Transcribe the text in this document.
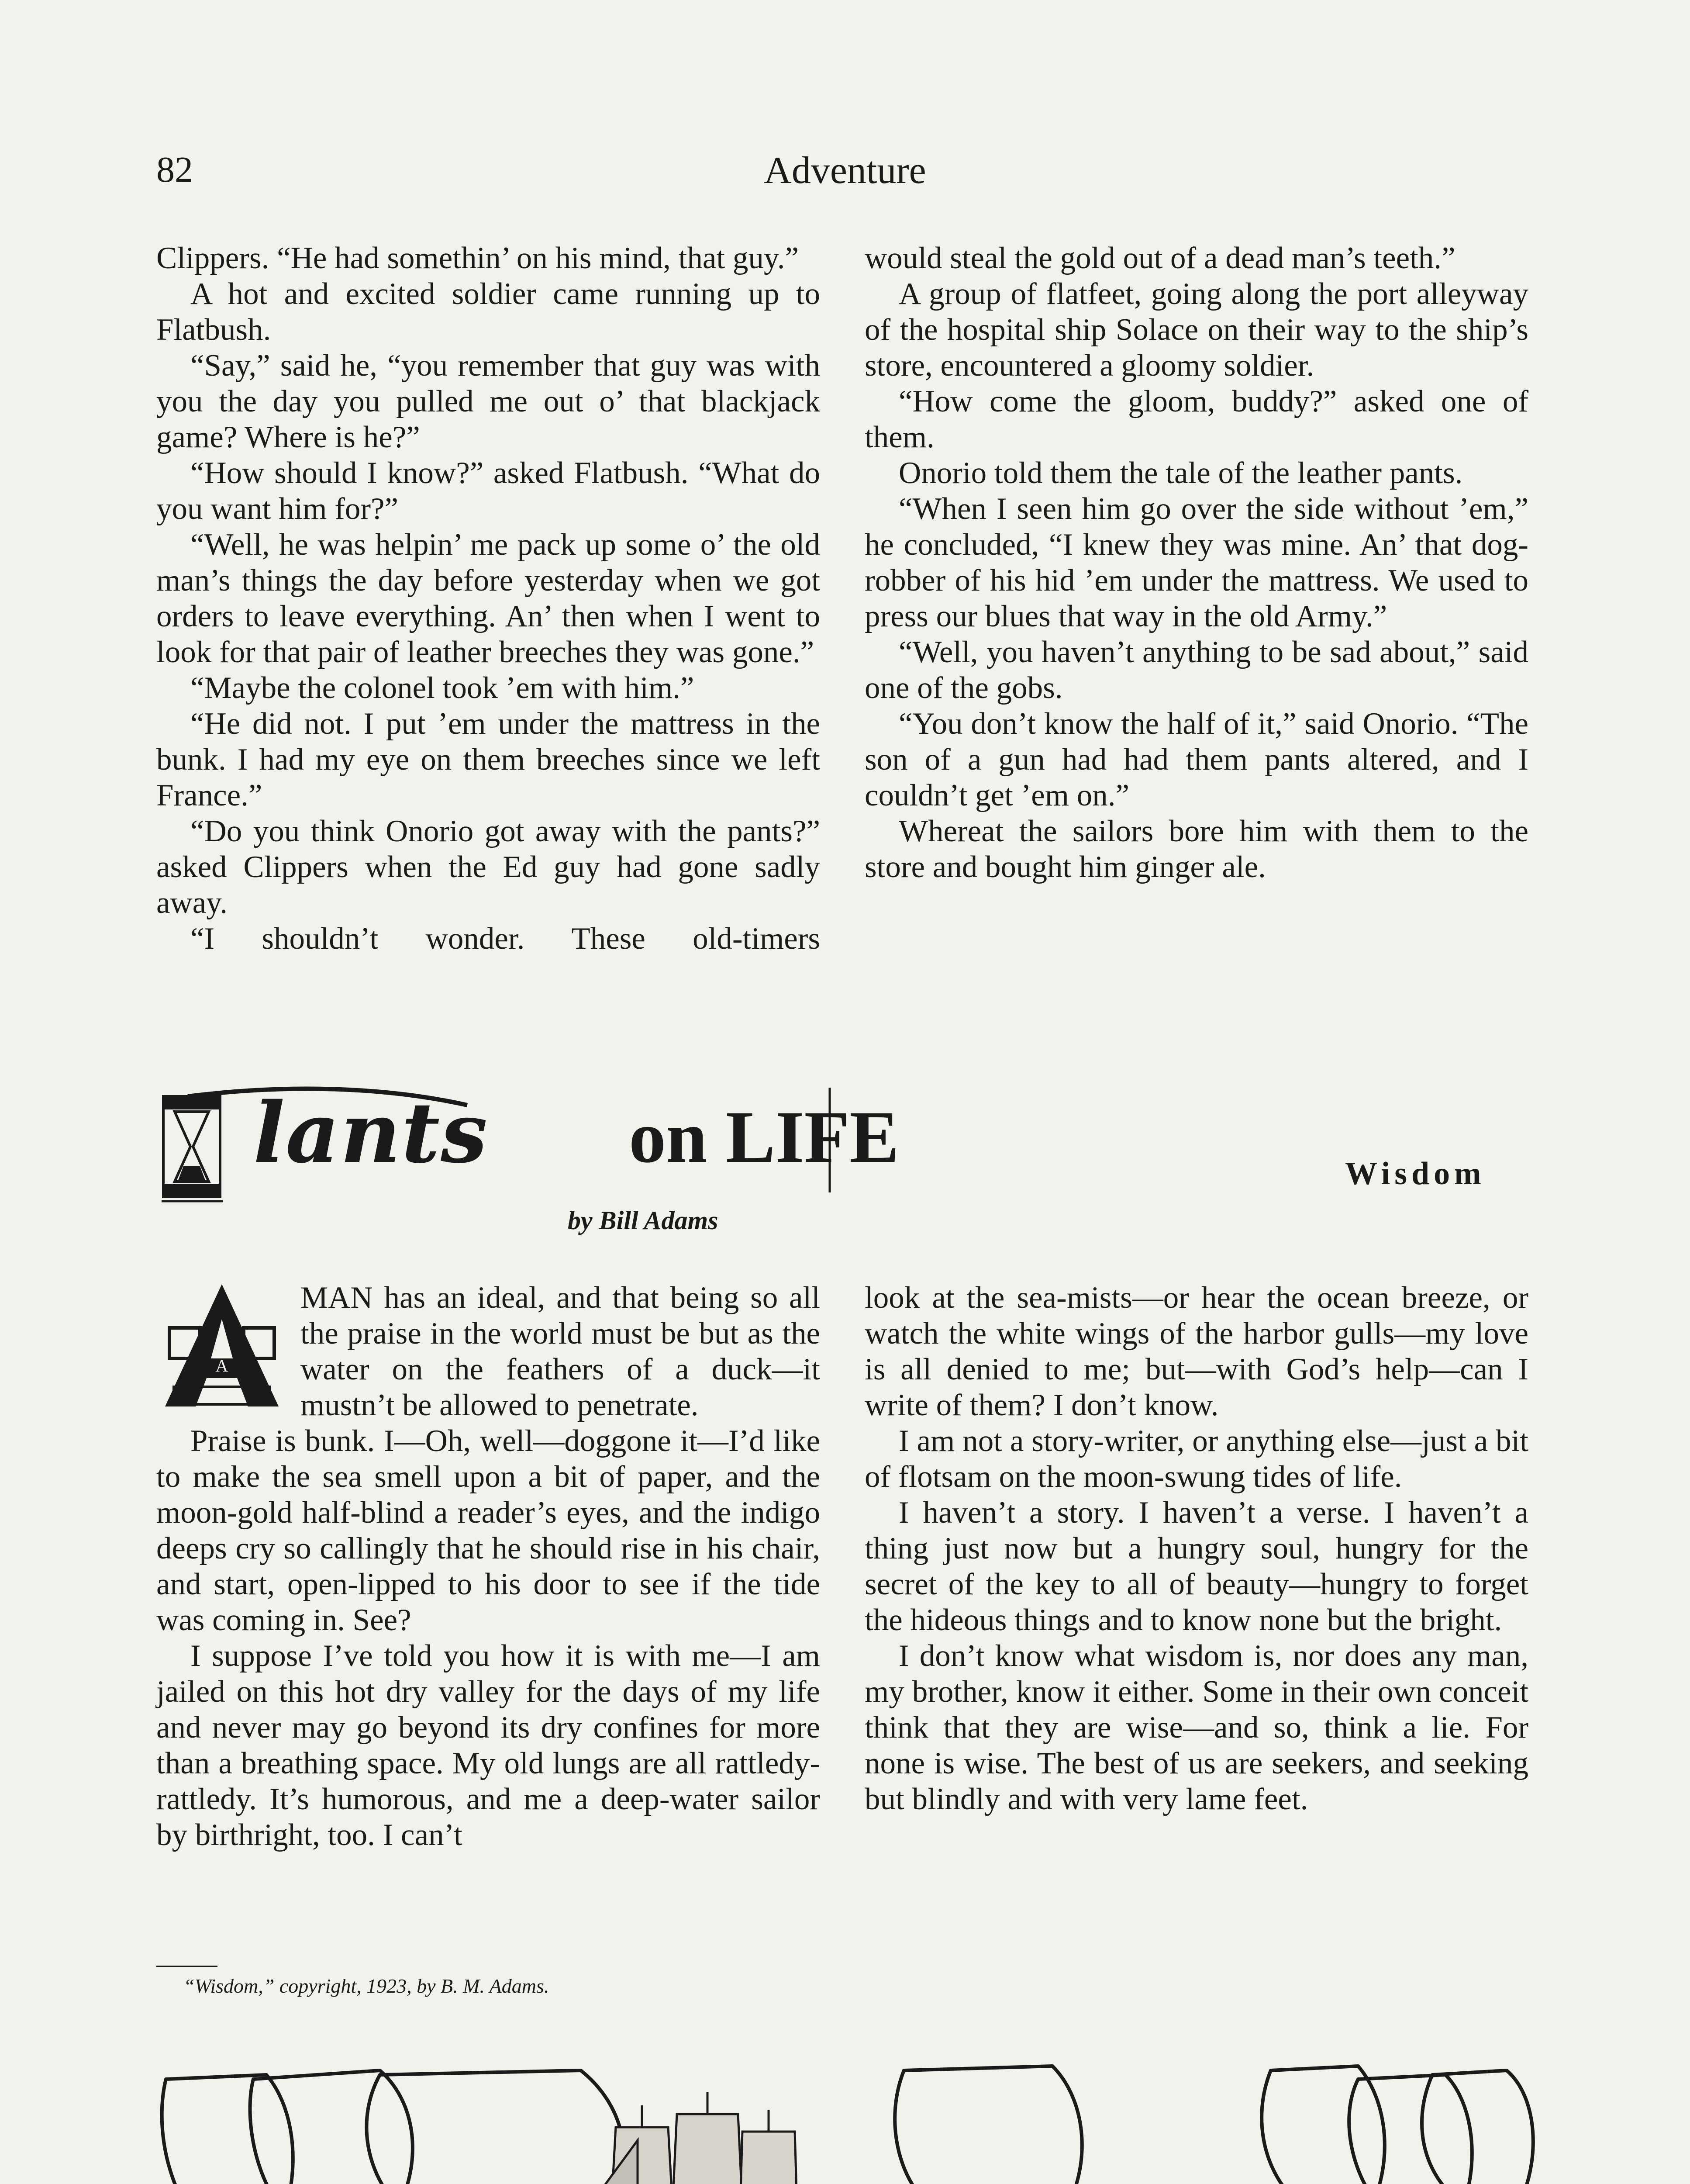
82	Adventure

Clippers. “He had somethin’ on his mind, that guy.”

A hot and excited soldier came running up to Flatbush.

“Say,” said he, “you remember that guy was with you the day you pulled me out o’ that blackjack game? Where is he?”

“How should I know?” asked Flatbush. “What do you want him for?”

“Well, he was helpin’ me pack up some o’ the old man’s things the day before yesterday when we got orders to leave everything. An’ then when I went to look for that pair of leather breeches they was gone.”

“Maybe the colonel took ’em with him.”

“He did not. I put ’em under the mattress in the bunk. I had my eye on them breeches since we left France.”

“Do you think Onorio got away with the pants?” asked Clippers when the Ed guy had gone sadly away.

“I shouldn’t wonder. These old-timers

would steal the gold out of a dead man’s teeth.”

A group of flatfeet, going along the port alleyway of the hospital ship Solace on their way to the ship’s store, encountered a gloomy soldier.

“How come the gloom, buddy?” asked one of them.

Onorio told them the tale of the leather pants.

“When I seen him go over the side without ’em,” he concluded, “I knew they was mine. An’ that dog-robber of his hid ’em under the mattress. We used to press our blues that way in the old Army.”

“Well, you haven’t anything to be sad about,” said one of the gobs.

“You don’t know the half of it,” said Onorio. “The son of a gun had had them pants altered, and I couldn’t get ’em on.”

Whereat the sailors bore him with them to the store and bought him ginger ale.

lants on LIFE
by Bill Adams
Wisdom
A

MAN has an ideal, and that being so all the praise in the world must be but as the water on the feathers of a duck—it mustn’t be allowed to penetrate.

Praise is bunk. I—Oh, well—doggone it—I’d like to make the sea smell upon a bit of paper, and the moon-gold half-blind a reader’s eyes, and the indigo deeps cry so callingly that he should rise in his chair, and start, open-lipped to his door to see if the tide was coming in. See?

I suppose I’ve told you how it is with me—I am jailed on this hot dry valley for the days of my life and never may go beyond its dry confines for more than a breathing space. My old lungs are all rattledy-rattledy. It’s humorous, and me a deep-water sailor by birthright, too. I can’t

look at the sea-mists—or hear the ocean breeze, or watch the white wings of the harbor gulls—my love is all denied to me; but—with God’s help—can I write of them? I don’t know.

I am not a story-writer, or anything else—just a bit of flotsam on the moon-swung tides of life.

I haven’t a story. I haven’t a verse. I haven’t a thing just now but a hungry soul, hungry for the secret of the key to all of beauty—hungry to forget the hideous things and to know none but the bright.

I don’t know what wisdom is, nor does any man, my brother, know it either. Some in their own conceit think that they are wise—and so, think a lie. For none is wise. The best of us are seekers, and seeking but blindly and with very lame feet.

“Wisdom,” copyright, 1923, by B. M. Adams.
